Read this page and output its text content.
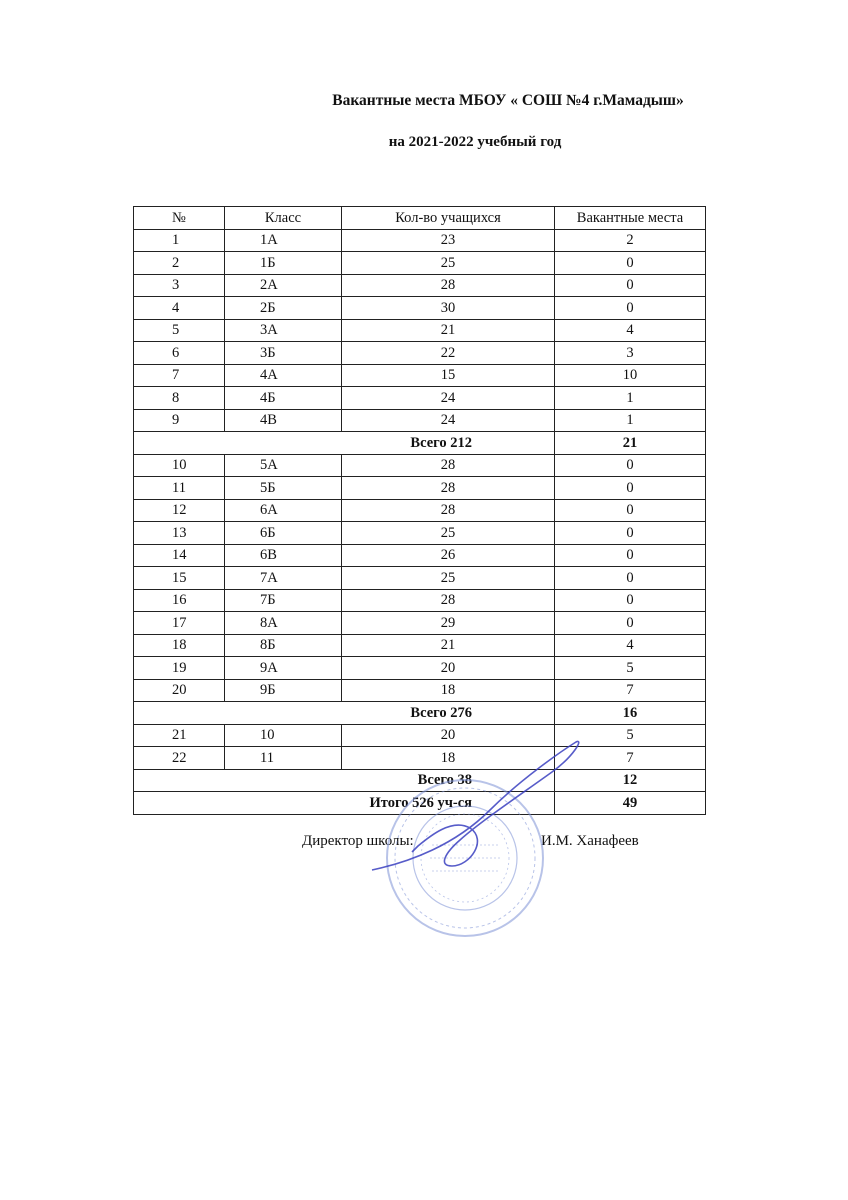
Вакантные места МБОУ « СОШ №4 г.Мамадыш»
на 2021-2022 учебный год
№	Класс	Кол-во учащихся	Вакантные места
1	1А	23	2
2	1Б	25	0
3	2А	28	0
4	2Б	30	0
5	3А	21	4
6	3Б	22	3
7	4А	15	10
8	4Б	24	1
9	4В	24	1
Всего 212			21
10	5А	28	0
11	5Б	28	0
12	6А	28	0
13	6Б	25	0
14	6В	26	0
15	7А	25	0
16	7Б	28	0
17	8А	29	0
18	8Б	21	4
19	9А	20	5
20	9Б	18	7
Всего 276			16
21	10	20	5
22	11	18	7
Всего 38			12
Итого 526 уч-ся			49
Директор школы:	И.М. Ханафеев
